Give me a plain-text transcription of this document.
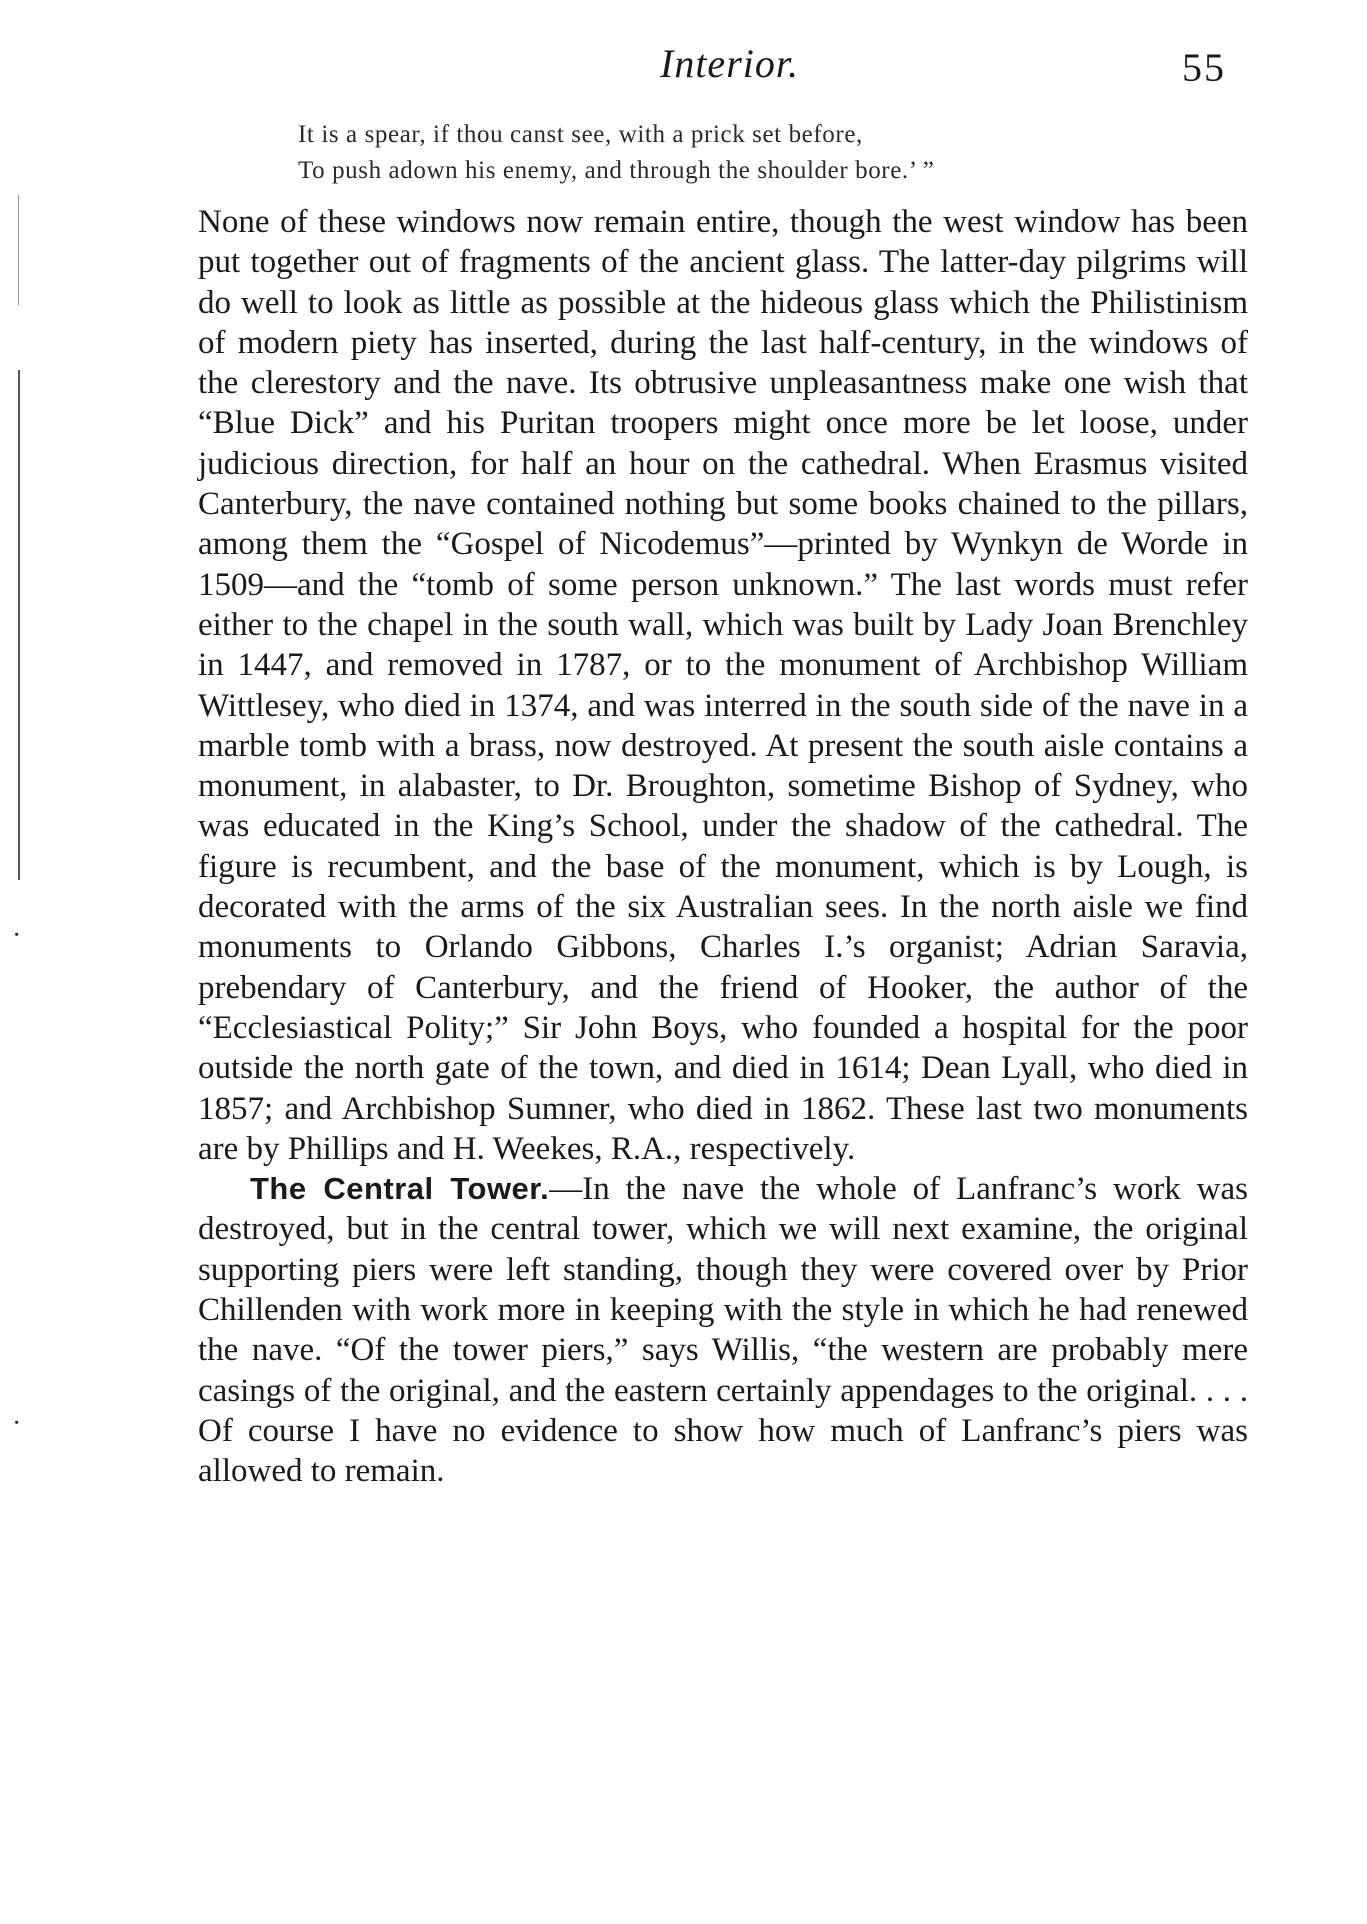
Interior.	55
It is a spear, if thou canst see, with a prick set before,
To push adown his enemy, and through the shoulder bore.’ ”

None of these windows now remain entire, though the west window has been put together out of fragments of the ancient glass. The latter-day pilgrims will do well to look as little as possible at the hideous glass which the Philistinism of modern piety has inserted, during the last half-century, in the windows of the clerestory and the nave. Its obtrusive unpleasantness make one wish that “Blue Dick” and his Puritan troopers might once more be let loose, under judicious direction, for half an hour on the cathedral. When Erasmus visited Canterbury, the nave contained nothing but some books chained to the pillars, among them the “Gospel of Nicodemus”—printed by Wynkyn de Worde in 1509—and the “tomb of some person unknown.” The last words must refer either to the chapel in the south wall, which was built by Lady Joan Brenchley in 1447, and removed in 1787, or to the monument of Archbishop William Wittlesey, who died in 1374, and was interred in the south side of the nave in a marble tomb with a brass, now destroyed. At present the south aisle contains a monument, in alabaster, to Dr. Broughton, sometime Bishop of Sydney, who was educated in the King’s School, under the shadow of the cathedral. The figure is recumbent, and the base of the monument, which is by Lough, is decorated with the arms of the six Australian sees. In the north aisle we find monuments to Orlando Gibbons, Charles I.’s organist; Adrian Saravia, prebendary of Canterbury, and the friend of Hooker, the author of the “Ecclesiastical Polity;” Sir John Boys, who founded a hospital for the poor outside the north gate of the town, and died in 1614; Dean Lyall, who died in 1857; and Archbishop Sumner, who died in 1862. These last two monuments are by Phillips and H. Weekes, R.A., respectively.

The Central Tower.—In the nave the whole of Lanfranc’s work was destroyed, but in the central tower, which we will next examine, the original supporting piers were left standing, though they were covered over by Prior Chillenden with work more in keeping with the style in which he had renewed the nave. “Of the tower piers,” says Willis, “the western are probably mere casings of the original, and the eastern certainly appendages to the original. . . . Of course I have no evidence to show how much of Lanfranc’s piers was allowed to remain.

·
·
